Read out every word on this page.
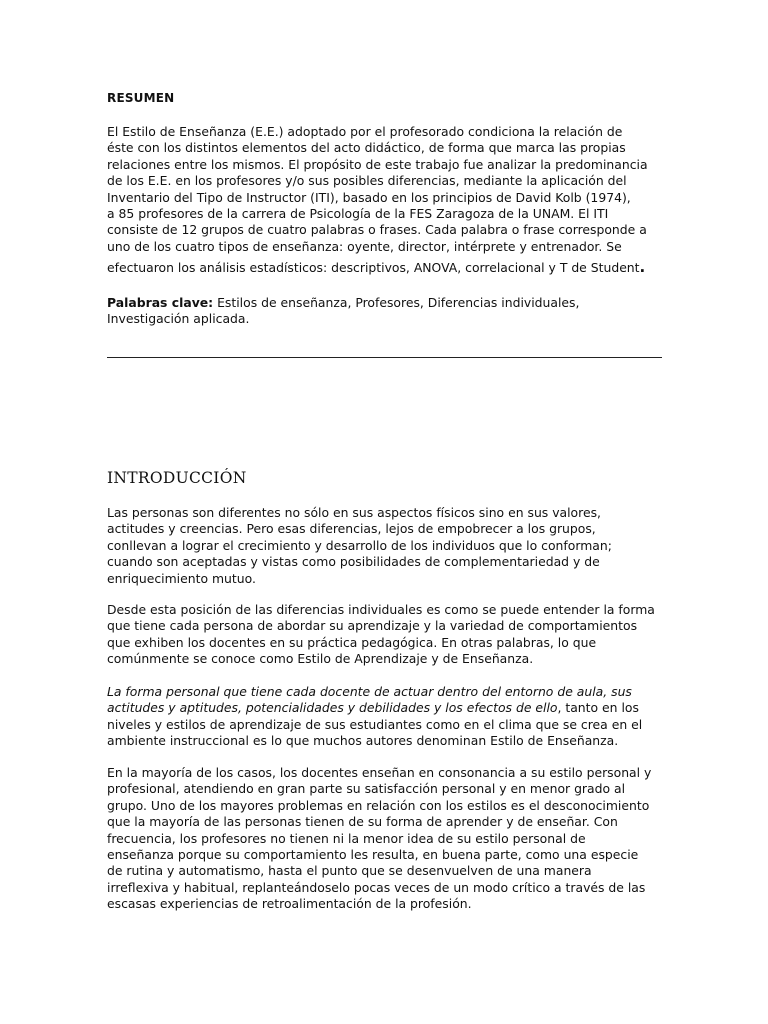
RESUMEN

El Estilo de Enseñanza (E.E.) adoptado por el profesorado condiciona la relación de
éste con los distintos elementos del acto didáctico, de forma que marca las propias
relaciones entre los mismos. El propósito de este trabajo fue analizar la predominancia
de los E.E. en los profesores y/o sus posibles diferencias, mediante la aplicación del
Inventario del Tipo de Instructor (ITI), basado en los principios de David Kolb (1974),
a 85 profesores de la carrera de Psicología de la FES Zaragoza de la UNAM. El ITI
consiste de 12 grupos de cuatro palabras o frases. Cada palabra o frase corresponde a
uno de los cuatro tipos de enseñanza: oyente, director, intérprete y entrenador. Se

efectuaron los análisis estadísticos: descriptivos, ANOVA, correlacional y T de Student.

Palabras clave: Estilos de enseñanza, Profesores, Diferencias individuales,
Investigación aplicada.

INTRODUCCIÓN

Las personas son diferentes no sólo en sus aspectos físicos sino en sus valores,
actitudes y creencias. Pero esas diferencias, lejos de empobrecer a los grupos,
conllevan a lograr el crecimiento y desarrollo de los individuos que lo conforman;
cuando son aceptadas y vistas como posibilidades de complementariedad y de
enriquecimiento mutuo.

Desde esta posición de las diferencias individuales es como se puede entender la forma
que tiene cada persona de abordar su aprendizaje y la variedad de comportamientos
que exhiben los docentes en su práctica pedagógica. En otras palabras, lo que
comúnmente se conoce como Estilo de Aprendizaje y de Enseñanza.

La forma personal que tiene cada docente de actuar dentro del entorno de aula, sus
actitudes y aptitudes, potencialidades y debilidades y los efectos de ello, tanto en los
niveles y estilos de aprendizaje de sus estudiantes como en el clima que se crea en el
ambiente instruccional es lo que muchos autores denominan Estilo de Enseñanza.

En la mayoría de los casos, los docentes enseñan en consonancia a su estilo personal y
profesional, atendiendo en gran parte su satisfacción personal y en menor grado al
grupo. Uno de los mayores problemas en relación con los estilos es el desconocimiento
que la mayoría de las personas tienen de su forma de aprender y de enseñar. Con
frecuencia, los profesores no tienen ni la menor idea de su estilo personal de
enseñanza porque su comportamiento les resulta, en buena parte, como una especie
de rutina y automatismo, hasta el punto que se desenvuelven de una manera
irreflexiva y habitual, replanteándoselo pocas veces de un modo crítico a través de las
escasas experiencias de retroalimentación de la profesión.
